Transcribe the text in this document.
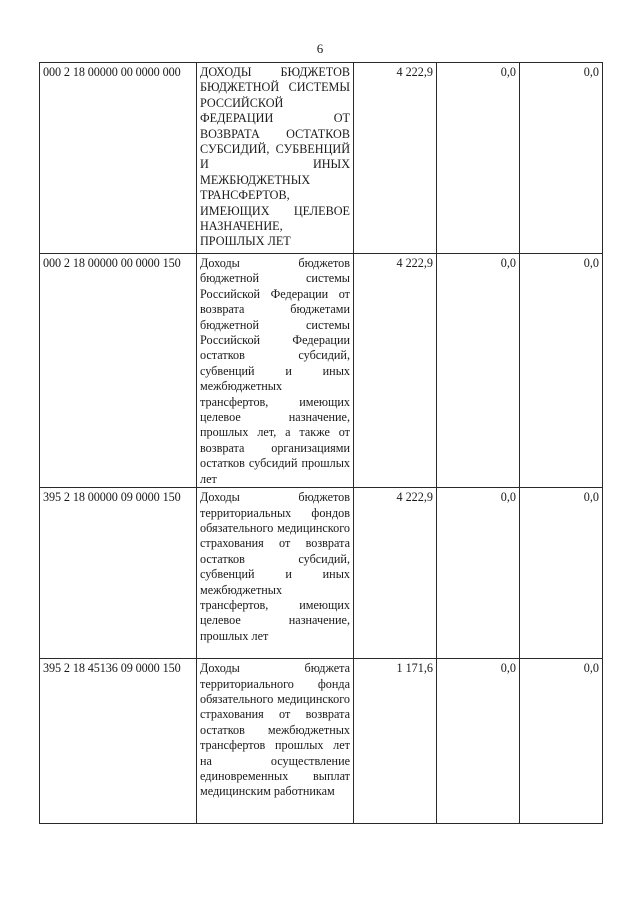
6
000 2 18 00000 00 0000 000	ДОХОДЫ БЮДЖЕТОВ БЮДЖЕТНОЙ СИСТЕМЫ РОССИЙСКОЙ ФЕДЕРАЦИИ ОТ ВОЗВРАТА ОСТАТКОВ СУБСИДИЙ, СУБВЕНЦИЙ И ИНЫХ МЕЖБЮДЖЕТНЫХ ТРАНСФЕРТОВ, ИМЕЮЩИХ ЦЕЛЕВОЕ НАЗНАЧЕНИЕ, ПРОШЛЫХ ЛЕТ	4 222,9	0,0	0,0
000 2 18 00000 00 0000 150	Доходы бюджетов бюджетной системы Российской Федерации от возврата бюджетами бюджетной системы Российской Федерации остатков субсидий, субвенций и иных межбюджетных трансфертов, имеющих целевое назначение, прошлых лет, а также от возврата организациями остатков субсидий прошлых лет	4 222,9	0,0	0,0
395 2 18 00000 09 0000 150	Доходы бюджетов территориальных фондов обязательного медицинского страхования от возврата остатков субсидий, субвенций и иных межбюджетных трансфертов, имеющих целевое назначение, прошлых лет	4 222,9	0,0	0,0
395 2 18 45136 09 0000 150	Доходы бюджета территориального фонда обязательного медицинского страхования от возврата остатков межбюджетных трансфертов прошлых лет на осуществление единовременных выплат медицинским работникам	1 171,6	0,0	0,0
